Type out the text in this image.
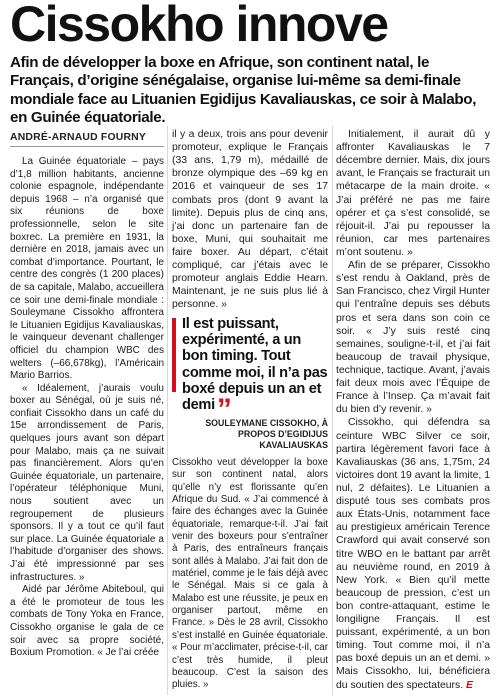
Cissokho innove
Afin de développer la boxe en Afrique, son continent natal, le Français, d’origine sénégalaise, organise lui-même sa demi-finale mondiale face au Lituanien Egidijus Kavaliauskas, ce soir à Malabo, en Guinée équatoriale.
ANDRÉ-ARNAUD FOURNY

La Guinée équatoriale – pays d’1,8 million habitants, ancienne colonie espagnole, indépendante depuis 1968 – n’a organisé que six réunions de boxe professionnelle, selon le site boxrec. La première en 1931, la dernière en 2018, jamais avec un combat d’importance. Pourtant, le centre des congrès (1 200 places) de sa capitale, Malabo, accueillera ce soir une demi-finale mondiale : Souleymane Cissokho affrontera le Lituanien Egidijus Kavaliauskas, le vainqueur devenant challenger officiel du champion WBC des welters (–66,678kg), l’Américain Mario Barrios.

« Idéalement, j’aurais voulu boxer au Sénégal, où je suis né, confiait Cissokho dans un café du 15e arrondissement de Paris, quelques jours avant son départ pour Malabo, mais ça ne suivait pas financièrement. Alors qu’en Guinée équatoriale, un partenaire, l’opérateur téléphonique Muni, nous soutient avec un regroupement de plusieurs sponsors. Il y a tout ce qu’il faut sur place. La Guinée équatoriale a l’habitude d’organiser des shows. J’ai été impressionné par ses infrastructures. »

Aidé par Jérôme Abiteboul, qui a été le promoteur de tous les combats de Tony Yoka en France, Cissokho organise le gala de ce soir avec sa propre société, Boxium Promotion. « Je l’ai créée

il y a deux, trois ans pour devenir promoteur, explique le Français (33 ans, 1,79 m), médaillé de bronze olympique des –69 kg en 2016 et vainqueur de ses 17 combats pros (dont 9 avant la limite). Depuis plus de cinq ans, j’ai donc un partenaire fan de boxe, Muni, qui souhaitait me faire boxer. Au départ, c’était compliqué, car j’étais avec le promoteur anglais Eddie Hearn. Maintenant, je ne suis plus lié à personne. »

Il est puissant, expérimenté, a un bon timing. Tout comme moi, il n’a pas boxé depuis un an et demi”
SOULEYMANE CISSOKHO, À PROPOS D’EGIDIJUS KAVALIAUSKAS

Cissokho veut développer la boxe sur son continent natal, alors qu’elle n’y est florissante qu’en Afrique du Sud. « J’ai commencé à faire des échanges avec la Guinée équatoriale, remarque-t-il. J’ai fait venir des boxeurs pour s’entraîner à Paris, des entraîneurs français sont allés à Malabo. J’ai fait don de matériel, comme je le fais déjà avec le Sénégal. Mais si ce gala à Malabo est une réussite, je peux en organiser partout, même en France. » Dès le 28 avril, Cissokho s’est installé en Guinée équatoriale. « Pour m’acclimater, précise-t-il, car c’est très humide, il pleut beaucoup. C’est la saison des pluies. »

Initialement, il aurait dû y affronter Kavaliauskas le 7 décembre dernier. Mais, dix jours avant, le Français se fracturait un métacarpe de la main droite. « J’ai préféré ne pas me faire opérer et ça s’est consolidé, se réjouit-il. J’ai pu repousser la réunion, car mes partenaires m’ont soutenu. »

Afin de se préparer, Cissokho s’est rendu à Oakland, près de San Francisco, chez Virgil Hunter qui l’entraîne depuis ses débuts pros et sera dans son coin ce soir. « J’y suis resté cinq semaines, souligne-t-il, et j’ai fait beaucoup de travail physique, technique, tactique. Avant, j’avais fait deux mois avec l’Équipe de France à l’Insep. Ça m’avait fait du bien d’y revenir. »

Cissokho, qui défendra sa ceinture WBC Silver ce soir, partira légèrement favori face à Kavaliauskas (36 ans, 1,75m, 24 victoires dont 19 avant la limite, 1 nul, 2 défaites). Le Lituanien a disputé tous ses combats pros aux États-Unis, notamment face au prestigieux américain Terence Crawford qui avait conservé son titre WBO en le battant par arrêt au neuvième round, en 2019 à New York. « Bien qu’il mette beaucoup de pression, c’est un bon contre-attaquant, estime le longiligne Français. Il est puissant, expérimenté, a un bon timing. Tout comme moi, il n’a pas boxé depuis un an et demi. » Mais Cissokho, lui, bénéficiera du soutien des spectateurs. E
